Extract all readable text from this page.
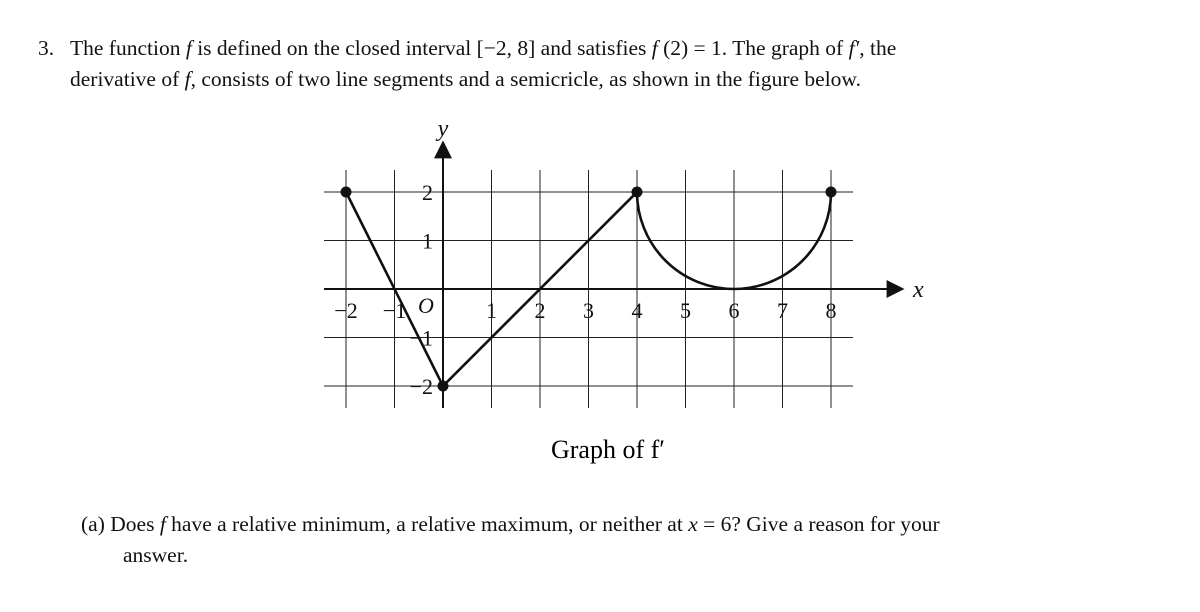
3. The function f is defined on the closed interval [−2, 8] and satisfies f (2) = 1. The graph of f′, the
derivative of f, consists of two line segments and a semicricle, as shown in the figure below.
−2 −1	1 2 3 4 5 6 7 8
2
1
−1
−2
O
x
y
Graph of f′
(a) Does f have a relative minimum, a relative maximum, or neither at x = 6? Give a reason for your
answer.
